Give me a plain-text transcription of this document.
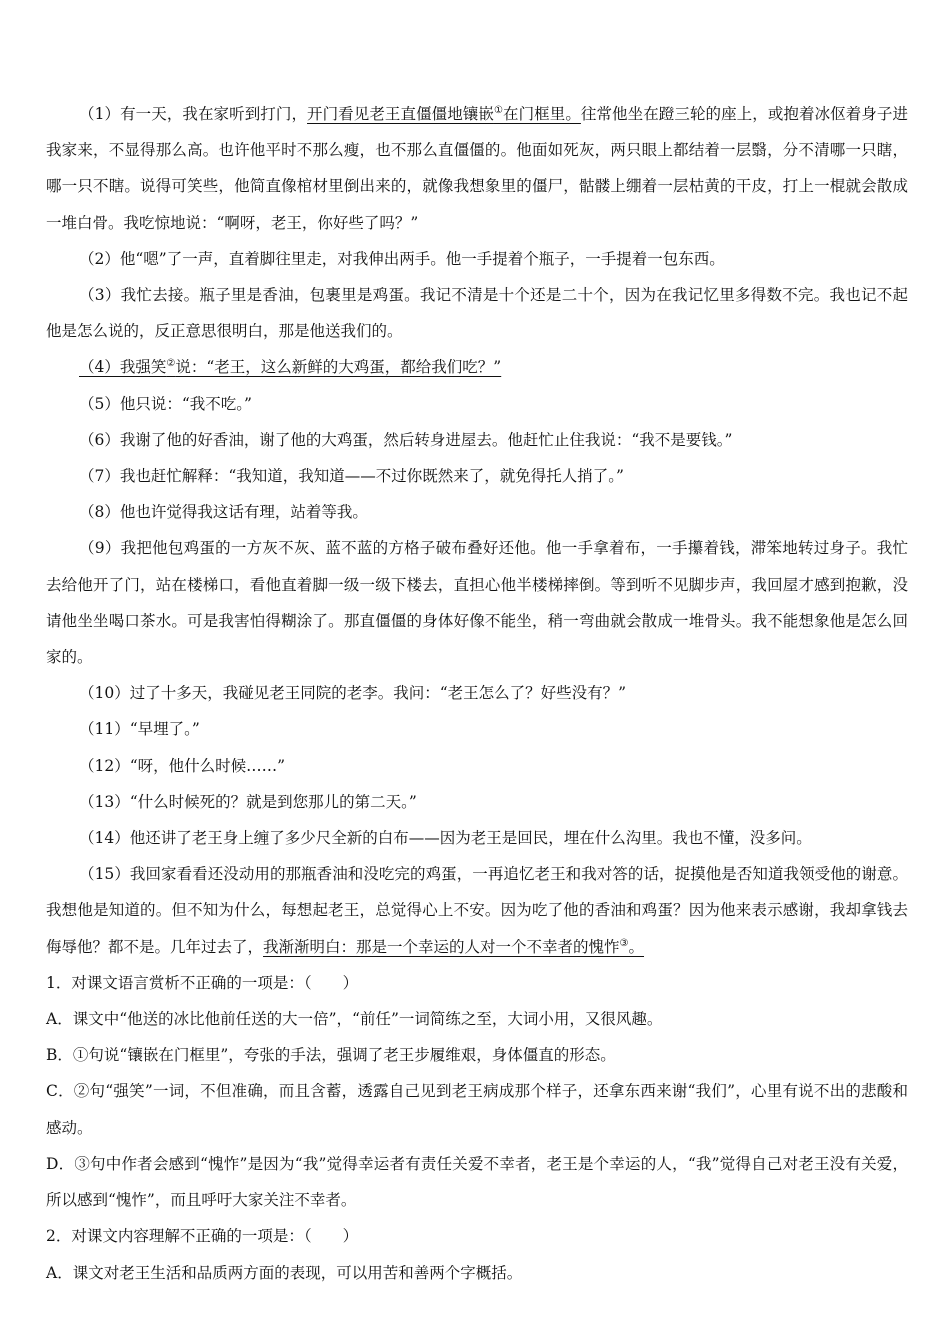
（1）有一天，我在家听到打门，开门看见老王直僵僵地镶嵌①在门框里。往常他坐在蹬三轮的座上，或抱着冰伛着身子进我家来，不显得那么高。也许他平时不那么瘦，也不那么直僵僵的。他面如死灰，两只眼上都结着一层翳，分不清哪一只瞎，哪一只不瞎。说得可笑些，他简直像棺材里倒出来的，就像我想象里的僵尸，骷髅上绷着一层枯黄的干皮，打上一棍就会散成一堆白骨。我吃惊地说：“啊呀，老王，你好些了吗？”

（2）他“嗯”了一声，直着脚往里走，对我伸出两手。他一手提着个瓶子，一手提着一包东西。

（3）我忙去接。瓶子里是香油，包裹里是鸡蛋。我记不清是十个还是二十个，因为在我记忆里多得数不完。我也记不起他是怎么说的，反正意思很明白，那是他送我们的。

（4）我强笑②说：“老王，这么新鲜的大鸡蛋，都给我们吃？”

（5）他只说：“我不吃。”

（6）我谢了他的好香油，谢了他的大鸡蛋，然后转身进屋去。他赶忙止住我说：“我不是要钱。”

（7）我也赶忙解释：“我知道，我知道——不过你既然来了，就免得托人捎了。”

（8）他也许觉得我这话有理，站着等我。

（9）我把他包鸡蛋的一方灰不灰、蓝不蓝的方格子破布叠好还他。他一手拿着布，一手攥着钱，滞笨地转过身子。我忙去给他开了门，站在楼梯口，看他直着脚一级一级下楼去，直担心他半楼梯摔倒。等到听不见脚步声，我回屋才感到抱歉，没请他坐坐喝口茶水。可是我害怕得糊涂了。那直僵僵的身体好像不能坐，稍一弯曲就会散成一堆骨头。我不能想象他是怎么回家的。

（10）过了十多天，我碰见老王同院的老李。我问：“老王怎么了？好些没有？”

（11）“早埋了。”

（12）“呀，他什么时候……”

（13）“什么时候死的？就是到您那儿的第二天。”

（14）他还讲了老王身上缠了多少尺全新的白布——因为老王是回民，埋在什么沟里。我也不懂，没多问。

（15）我回家看看还没动用的那瓶香油和没吃完的鸡蛋，一再追忆老王和我对答的话，捉摸他是否知道我领受他的谢意。我想他是知道的。但不知为什么，每想起老王，总觉得心上不安。因为吃了他的香油和鸡蛋？因为他来表示感谢，我却拿钱去侮辱他？都不是。几年过去了，我渐渐明白：那是一个幸运的人对一个不幸者的愧怍③。

1．对课文语言赏析不正确的一项是：（　　）

A．课文中“他送的冰比他前任送的大一倍”，“前任”一词简练之至，大词小用，又很风趣。

B．①句说“镶嵌在门框里”，夸张的手法，强调了老王步履维艰，身体僵直的形态。

C．②句“强笑”一词，不但准确，而且含蓄，透露自己见到老王病成那个样子，还拿东西来谢“我们”，心里有说不出的悲酸和感动。

D．③句中作者会感到“愧怍”是因为“我”觉得幸运者有责任关爱不幸者，老王是个幸运的人，“我”觉得自己对老王没有关爱，所以感到“愧怍”，而且呼吁大家关注不幸者。

2．对课文内容理解不正确的一项是：（　　）

A．课文对老王生活和品质两方面的表现，可以用苦和善两个字概括。
